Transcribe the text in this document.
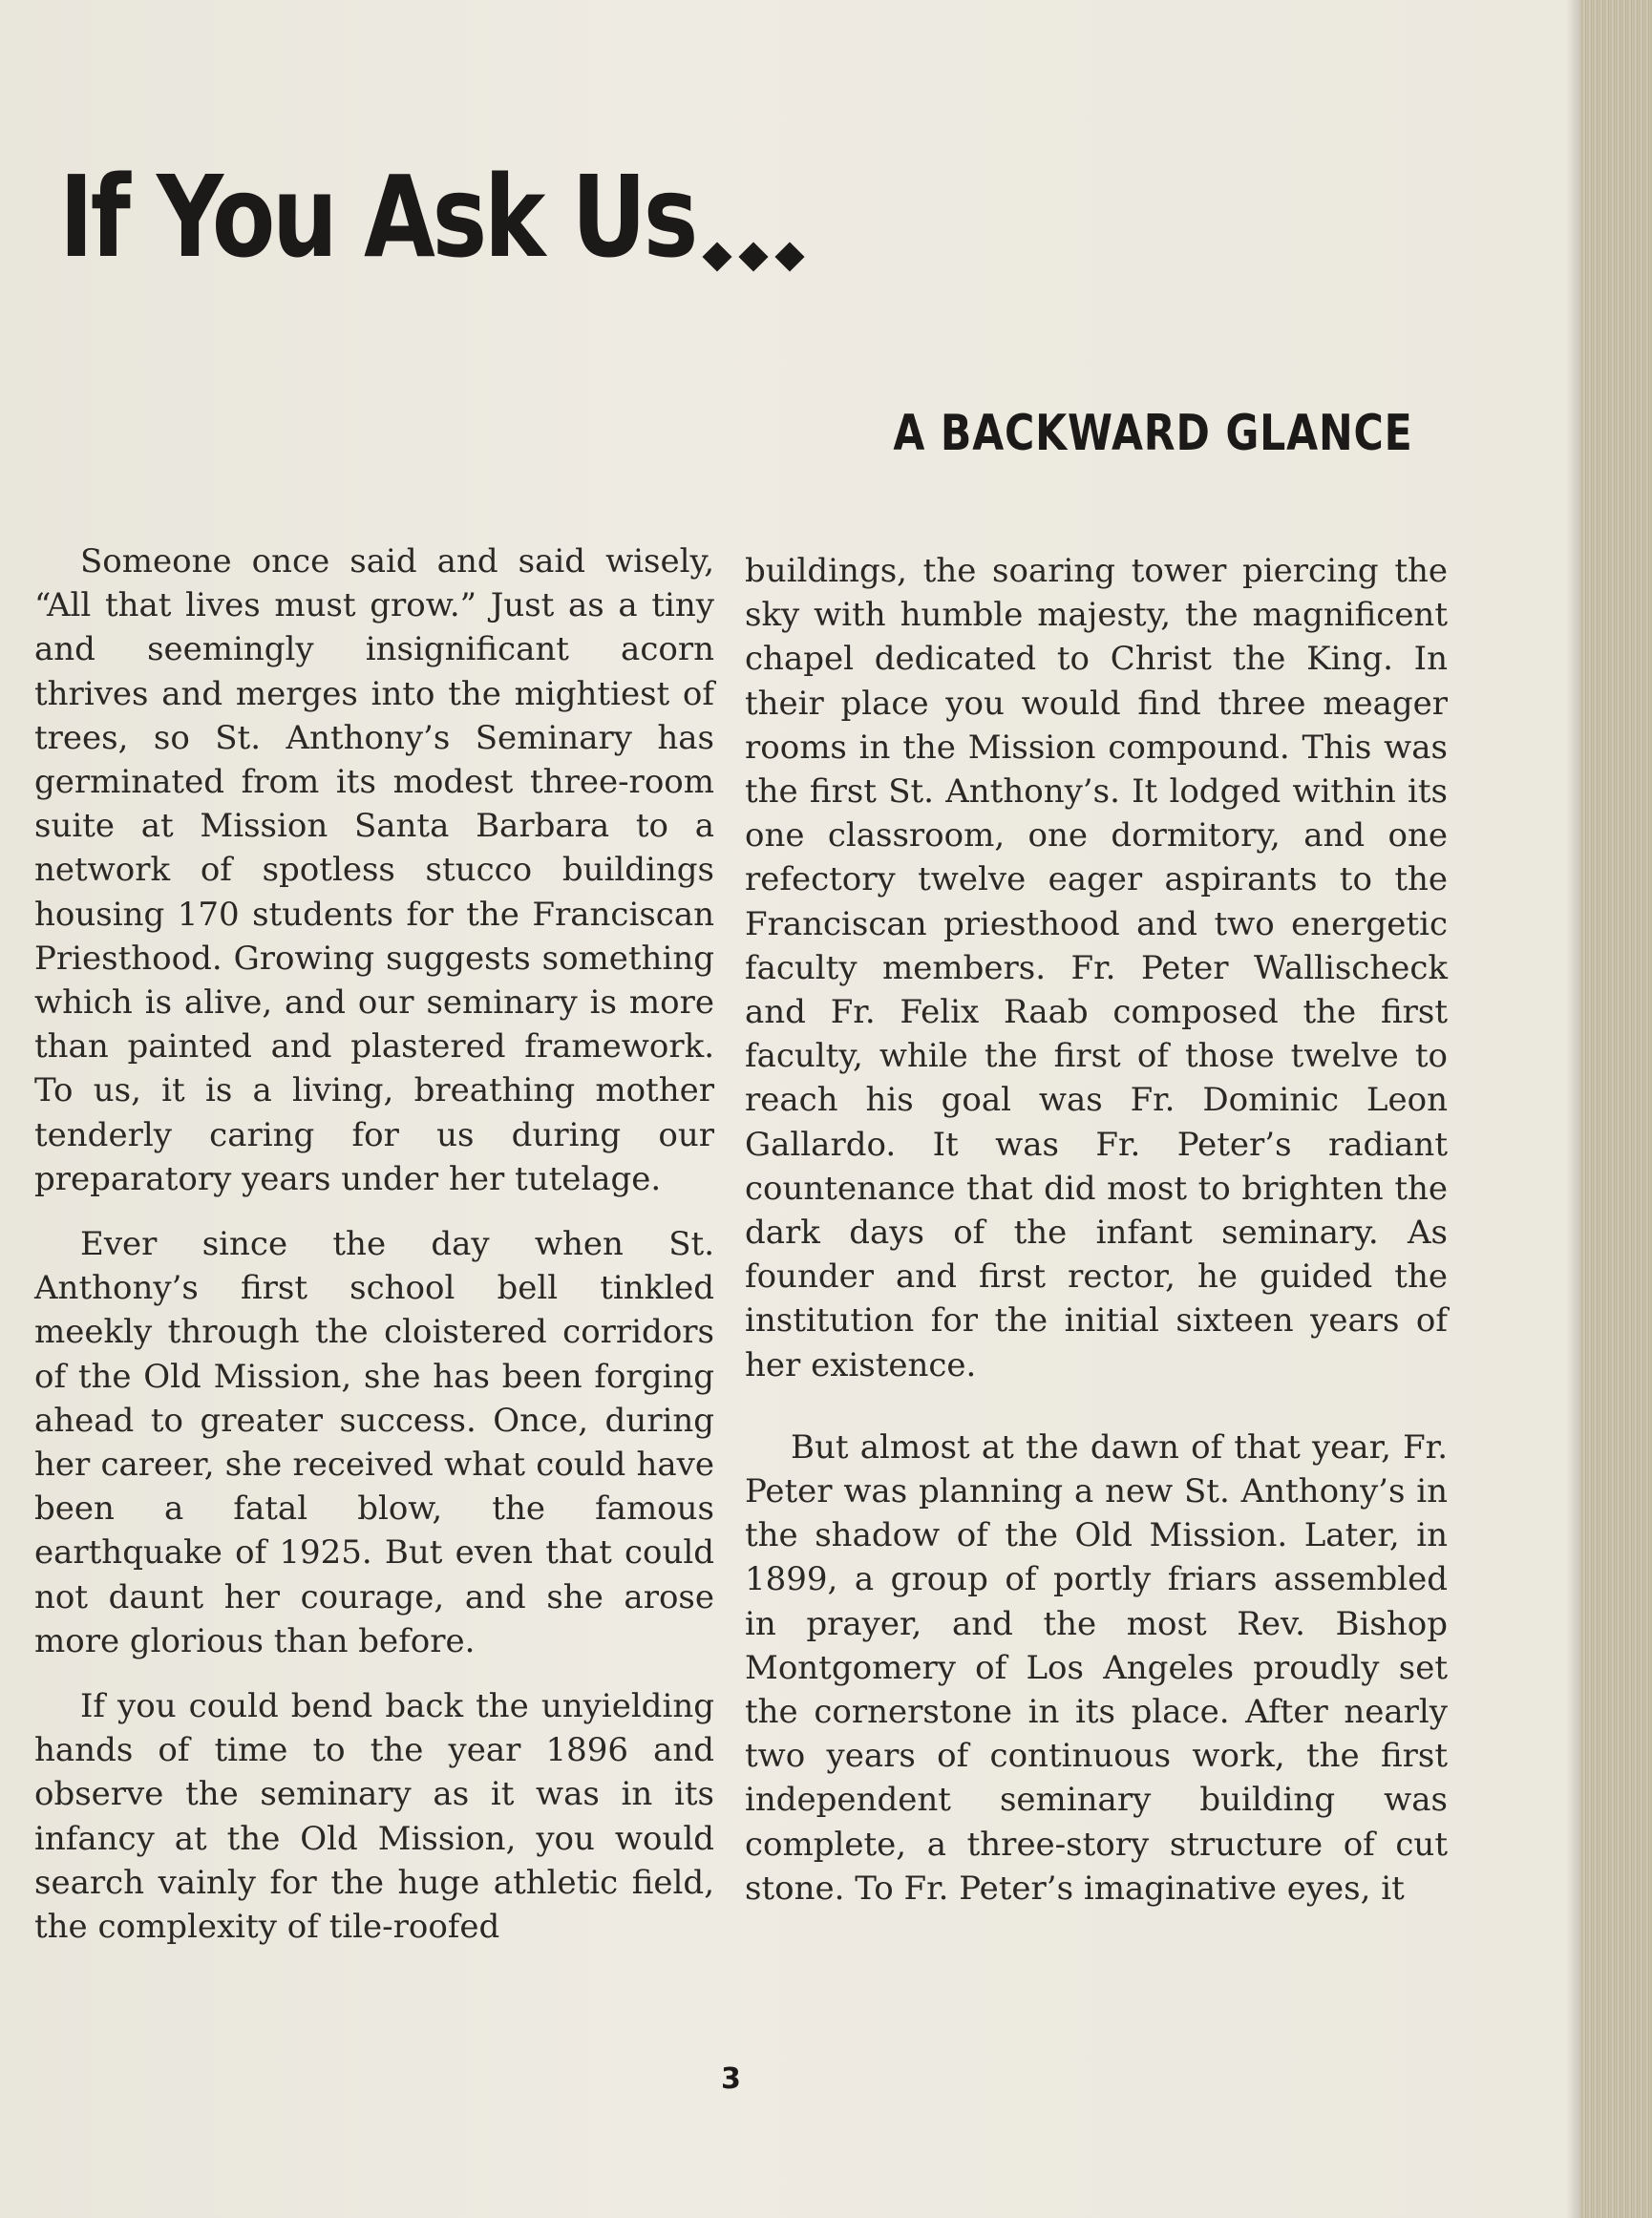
If You Ask Us
A BACKWARD GLANCE

Someone once said and said wisely, “All that lives must grow.” Just as a tiny and seemingly insignificant acorn thrives and merges into the mightiest of trees, so St. Anthony’s Seminary has germinated from its modest three-room suite at Mission Santa Barbara to a network of spotless stucco buildings housing 170 students for the Franciscan Priesthood. Growing suggests something which is alive, and our seminary is more than painted and plastered framework. To us, it is a living, breathing mother tenderly caring for us during our preparatory years under her tutelage.

Ever since the day when St. Anthony’s first school bell tinkled meekly through the cloistered corridors of the Old Mission, she has been forging ahead to greater success. Once, during her career, she received what could have been a fatal blow, the famous earthquake of 1925. But even that could not daunt her courage, and she arose more glorious than before.

If you could bend back the unyielding hands of time to the year 1896 and observe the seminary as it was in its infancy at the Old Mission, you would search vainly for the huge athletic field, the complexity of tile-roofed

buildings, the soaring tower piercing the sky with humble majesty, the magnificent chapel dedicated to Christ the King. In their place you would find three meager rooms in the Mission compound. This was the first St. Anthony’s. It lodged within its one classroom, one dormitory, and one refectory twelve eager aspirants to the Franciscan priesthood and two energetic faculty members. Fr. Peter Wallischeck and Fr. Felix Raab composed the first faculty, while the first of those twelve to reach his goal was Fr. Dominic Leon Gallardo. It was Fr. Peter’s radiant countenance that did most to brighten the dark days of the infant seminary. As founder and first rector, he guided the institution for the initial sixteen years of her existence.

But almost at the dawn of that year, Fr. Peter was planning a new St. Anthony’s in the shadow of the Old Mission. Later, in 1899, a group of portly friars assembled in prayer, and the most Rev. Bishop Montgomery of Los Angeles proudly set the cornerstone in its place. After nearly two years of continuous work, the first independent seminary building was complete, a three-story structure of cut stone. To Fr. Peter’s imaginative eyes, it

3
